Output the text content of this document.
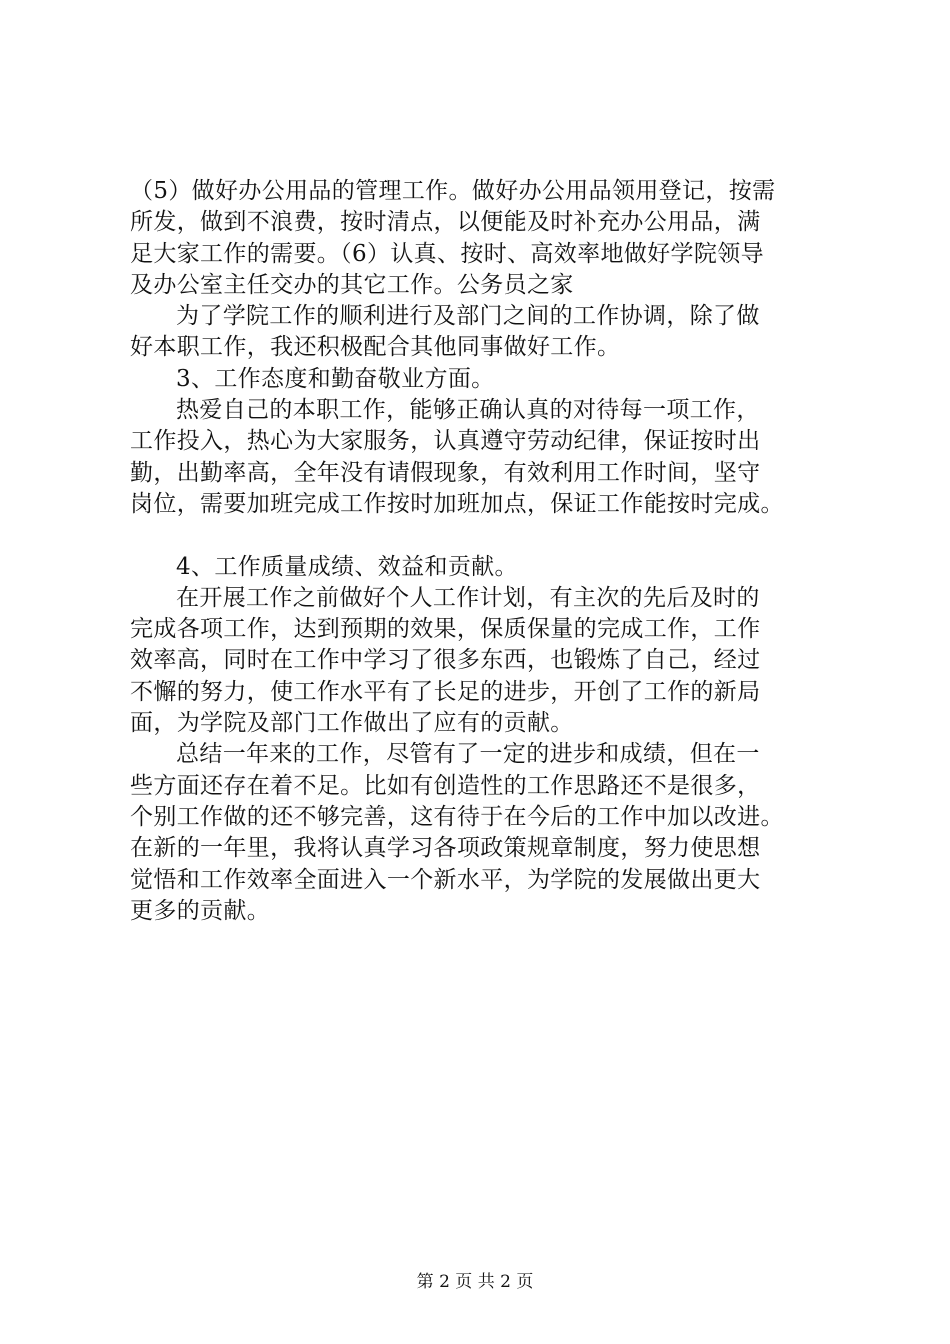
（5）做好办公用品的管理工作。做好办公用品领用登记，按需
所发，做到不浪费，按时清点，以便能及时补充办公用品，满
足大家工作的需要。（6）认真、按时、高效率地做好学院领导
及办公室主任交办的其它工作。公务员之家
为了学院工作的顺利进行及部门之间的工作协调，除了做
好本职工作，我还积极配合其他同事做好工作。
3、工作态度和勤奋敬业方面。
热爱自己的本职工作，能够正确认真的对待每一项工作，
工作投入，热心为大家服务，认真遵守劳动纪律，保证按时出
勤，出勤率高，全年没有请假现象，有效利用工作时间，坚守
岗位，需要加班完成工作按时加班加点，保证工作能按时完成。
4、工作质量成绩、效益和贡献。
在开展工作之前做好个人工作计划，有主次的先后及时的
完成各项工作，达到预期的效果，保质保量的完成工作，工作
效率高，同时在工作中学习了很多东西，也锻炼了自己，经过
不懈的努力，使工作水平有了长足的进步，开创了工作的新局
面，为学院及部门工作做出了应有的贡献。
总结一年来的工作，尽管有了一定的进步和成绩，但在一
些方面还存在着不足。比如有创造性的工作思路还不是很多，
个别工作做的还不够完善，这有待于在今后的工作中加以改进。
在新的一年里，我将认真学习各项政策规章制度，努力使思想
觉悟和工作效率全面进入一个新水平，为学院的发展做出更大
更多的贡献。
第 2 页 共 2 页
